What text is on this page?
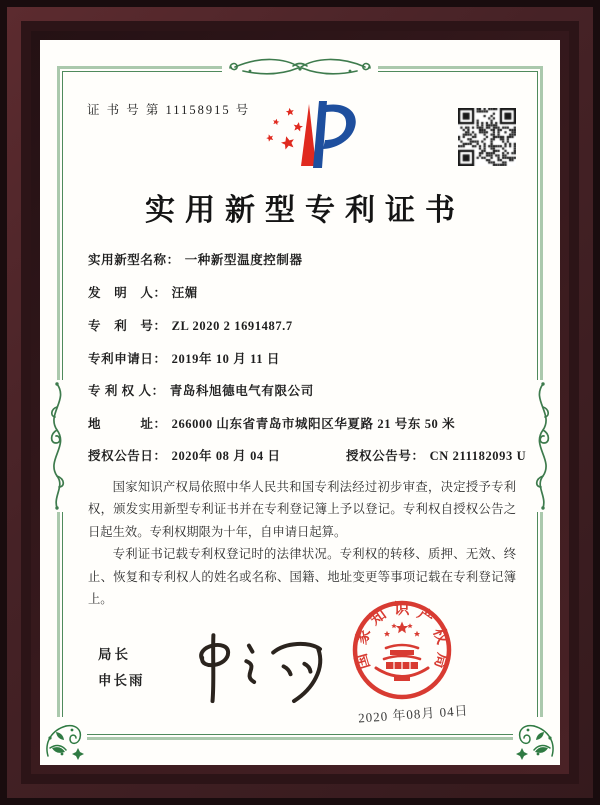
证 书 号 第 11158915 号
实用新型专利证书
实用新型名称： 一种新型温度控制器
发　明　人： 汪媚
专　利　号： ZL 2020 2 1691487.7
专利申请日： 2019年 10 月 11 日
专 利 权 人： 青岛科旭德电气有限公司
地　　　址： 266000 山东省青岛市城阳区华夏路 21 号东 50 米
授权公告日： 2020年 08 月 04 日	授权公告号： CN 211182093 U

国家知识产权局依照中华人民共和国专利法经过初步审查，决定授予专利权，颁发实用新型专利证书并在专利登记簿上予以登记。专利权自授权公告之日起生效。专利权期限为十年，自申请日起算。

专利证书记载专利权登记时的法律状况。专利权的转移、质押、无效、终止、恢复和专利权人的姓名或名称、国籍、地址变更等事项记载在专利登记簿上。

局长
申长雨
国家知识产权局
2020 年08月 04日
